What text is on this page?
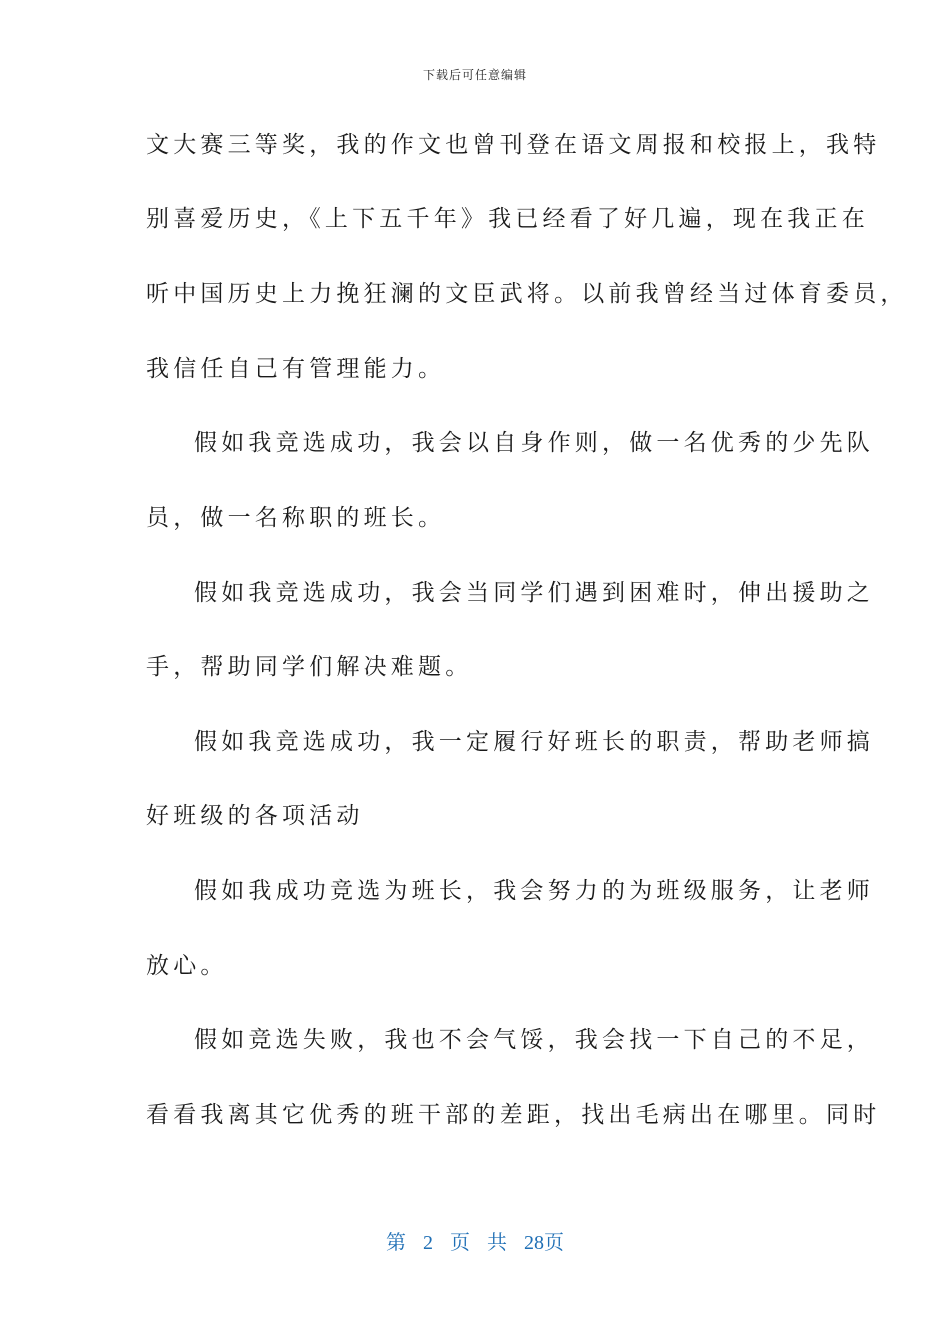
下载后可任意编辑
文大赛三等奖，我的作文也曾刊登在语文周报和校报上，我特
别喜爱历史，《上下五千年》我已经看了好几遍，现在我正在
听中国历史上力挽狂澜的文臣武将。以前我曾经当过体育委员，
我信任自己有管理能力。
假如我竞选成功，我会以自身作则，做一名优秀的少先队
员，做一名称职的班长。
假如我竞选成功，我会当同学们遇到困难时，伸出援助之
手，帮助同学们解决难题。
假如我竞选成功，我一定履行好班长的职责，帮助老师搞
好班级的各项活动
假如我成功竞选为班长，我会努力的为班级服务，让老师
放心。
假如竞选失败，我也不会气馁，我会找一下自己的不足，
看看我离其它优秀的班干部的差距，找出毛病出在哪里。同时
第 2 页 共 28页
